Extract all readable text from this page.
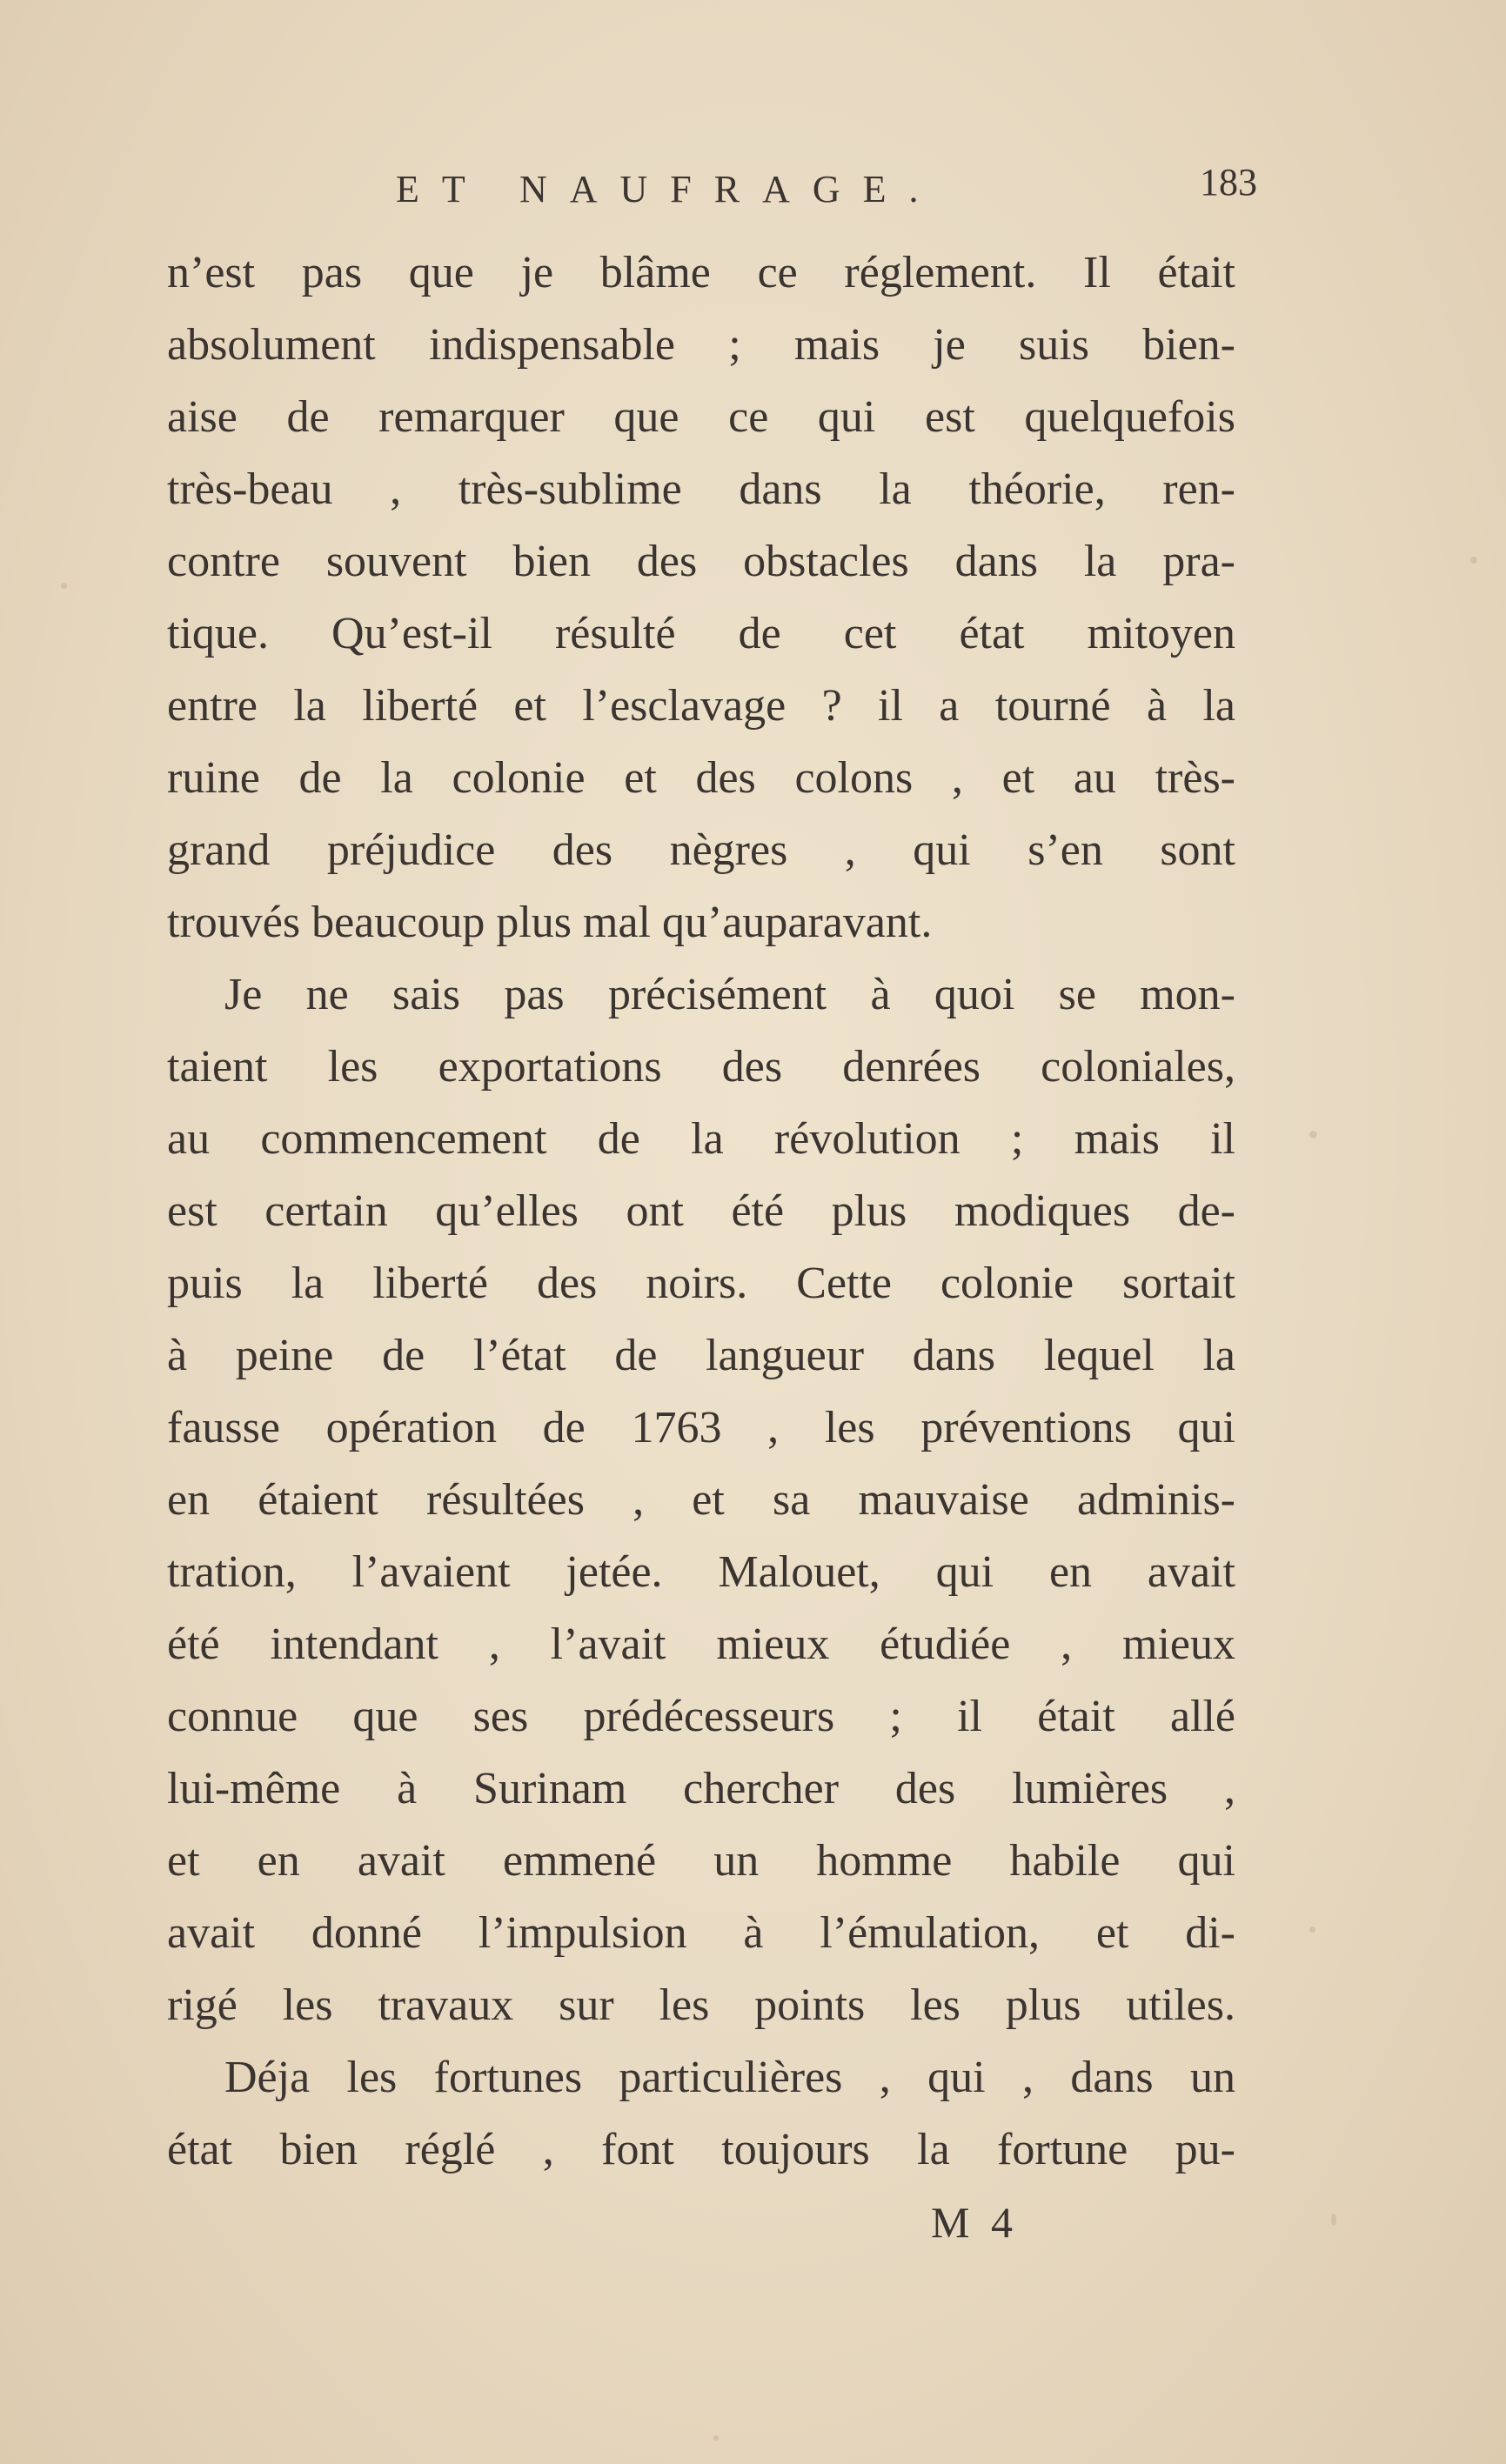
ET NAUFRAGE.	183
n’est pas que je blâme ce réglement. Il était
absolument indispensable ; mais je suis bien-
aise de remarquer que ce qui est quelquefois
très-beau , très-sublime dans la théorie, ren-
contre souvent bien des obstacles dans la pra-
tique. Qu’est-il résulté de cet état mitoyen
entre la liberté et l’esclavage ? il a tourné à la
ruine de la colonie et des colons , et au très-
grand préjudice des nègres , qui s’en sont
trouvés beaucoup plus mal qu’auparavant.
Je ne sais pas précisément à quoi se mon-
taient les exportations des denrées coloniales,
au commencement de la révolution ; mais il
est certain qu’elles ont été plus modiques de-
puis la liberté des noirs. Cette colonie sortait
à peine de l’état de langueur dans lequel la
fausse opération de 1763 , les préventions qui
en étaient résultées , et sa mauvaise adminis-
tration, l’avaient jetée. Malouet, qui en avait
été intendant , l’avait mieux étudiée , mieux
connue que ses prédécesseurs ; il était allé
lui-même à Surinam chercher des lumières ,
et en avait emmené un homme habile qui
avait donné l’impulsion à l’émulation, et di-
rigé les travaux sur les points les plus utiles.
Déja les fortunes particulières , qui , dans un
état bien réglé , font toujours la fortune pu-
M 4
